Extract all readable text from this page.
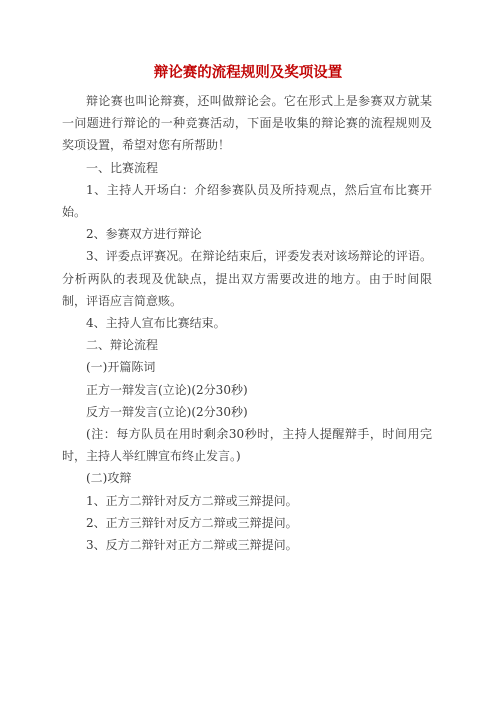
辩论赛的流程规则及奖项设置

辩论赛也叫论辩赛，还叫做辩论会。它在形式上是参赛双方就某一问题进行辩论的一种竞赛活动，下面是收集的辩论赛的流程规则及奖项设置，希望对您有所帮助！

一、比赛流程

1、主持人开场白：介绍参赛队员及所持观点，然后宣布比赛开始。

2、参赛双方进行辩论

3、评委点评赛况。在辩论结束后，评委发表对该场辩论的评语。分析两队的表现及优缺点，提出双方需要改进的地方。由于时间限制，评语应言简意赅。

4、主持人宣布比赛结束。

二、辩论流程

(一)开篇陈词

正方一辩发言(立论)(2分30秒)

反方一辩发言(立论)(2分30秒)

(注：每方队员在用时剩余30秒时，主持人提醒辩手，时间用完时，主持人举红牌宣布终止发言。)

(二)攻辩

1、正方二辩针对反方二辩或三辩提问。

2、正方三辩针对反方二辩或三辩提问。

3、反方二辩针对正方二辩或三辩提问。
